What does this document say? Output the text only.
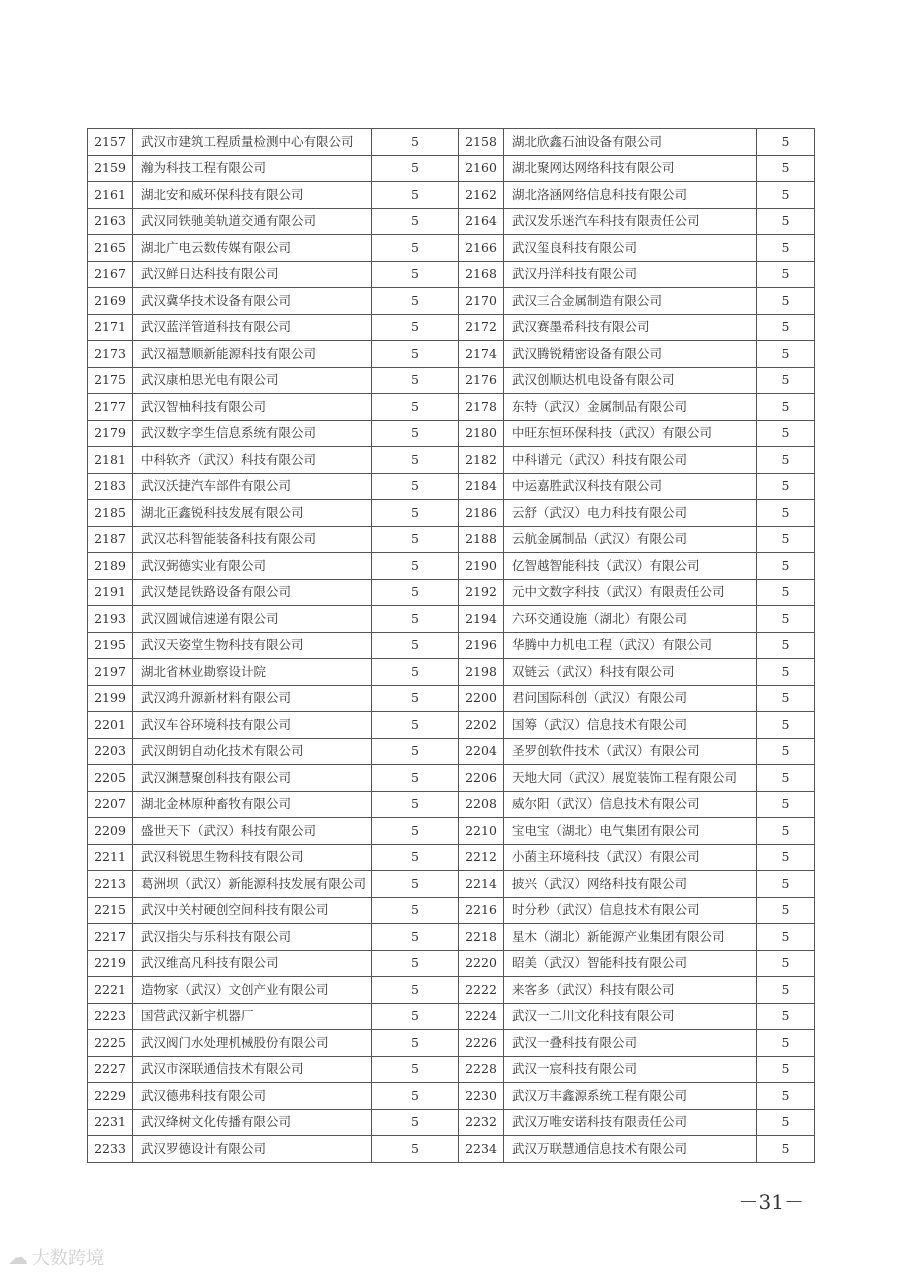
2157	武汉市建筑工程质量检测中心有限公司	5	2158	湖北欣鑫石油设备有限公司	5
2159	瀚为科技工程有限公司	5	2160	湖北聚网达网络科技有限公司	5
2161	湖北安和威环保科技有限公司	5	2162	湖北洛涵网络信息科技有限公司	5
2163	武汉同铁驰美轨道交通有限公司	5	2164	武汉发乐迷汽车科技有限责任公司	5
2165	湖北广电云数传媒有限公司	5	2166	武汉玺良科技有限公司	5
2167	武汉鲜日达科技有限公司	5	2168	武汉丹洋科技有限公司	5
2169	武汉冀华技术设备有限公司	5	2170	武汉三合金属制造有限公司	5
2171	武汉蓝洋管道科技有限公司	5	2172	武汉赛墨希科技有限公司	5
2173	武汉福慧顺新能源科技有限公司	5	2174	武汉腾锐精密设备有限公司	5
2175	武汉康柏思光电有限公司	5	2176	武汉创顺达机电设备有限公司	5
2177	武汉智柚科技有限公司	5	2178	东特（武汉）金属制品有限公司	5
2179	武汉数字孪生信息系统有限公司	5	2180	中旺东恒环保科技（武汉）有限公司	5
2181	中科软齐（武汉）科技有限公司	5	2182	中科谱元（武汉）科技有限公司	5
2183	武汉沃捷汽车部件有限公司	5	2184	中运嘉胜武汉科技有限公司	5
2185	湖北正鑫锐科技发展有限公司	5	2186	云舒（武汉）电力科技有限公司	5
2187	武汉芯科智能装备科技有限公司	5	2188	云航金属制品（武汉）有限公司	5
2189	武汉弼德实业有限公司	5	2190	亿智越智能科技（武汉）有限公司	5
2191	武汉楚昆铁路设备有限公司	5	2192	元中文数字科技（武汉）有限责任公司	5
2193	武汉圆诚信速递有限公司	5	2194	六环交通设施（湖北）有限公司	5
2195	武汉天姿堂生物科技有限公司	5	2196	华腾中力机电工程（武汉）有限公司	5
2197	湖北省林业勘察设计院	5	2198	双链云（武汉）科技有限公司	5
2199	武汉鸿升源新材料有限公司	5	2200	君问国际科创（武汉）有限公司	5
2201	武汉车谷环境科技有限公司	5	2202	国筹（武汉）信息技术有限公司	5
2203	武汉朗钥自动化技术有限公司	5	2204	圣罗创软件技术（武汉）有限公司	5
2205	武汉渊慧聚创科技有限公司	5	2206	天地大同（武汉）展览装饰工程有限公司	5
2207	湖北金林原种畜牧有限公司	5	2208	威尔阳（武汉）信息技术有限公司	5
2209	盛世天下（武汉）科技有限公司	5	2210	宝电宝（湖北）电气集团有限公司	5
2211	武汉科锐思生物科技有限公司	5	2212	小菌主环境科技（武汉）有限公司	5
2213	葛洲坝（武汉）新能源科技发展有限公司	5	2214	披兴（武汉）网络科技有限公司	5
2215	武汉中关村硬创空间科技有限公司	5	2216	时分秒（武汉）信息技术有限公司	5
2217	武汉指尖与乐科技有限公司	5	2218	星木（湖北）新能源产业集团有限公司	5
2219	武汉维高凡科技有限公司	5	2220	昭美（武汉）智能科技有限公司	5
2221	造物家（武汉）文创产业有限公司	5	2222	来客多（武汉）科技有限公司	5
2223	国营武汉新宇机器厂	5	2224	武汉一二川文化科技有限公司	5
2225	武汉阀门水处理机械股份有限公司	5	2226	武汉一叠科技有限公司	5
2227	武汉市深联通信技术有限公司	5	2228	武汉一宸科技有限公司	5
2229	武汉德弗科技有限公司	5	2230	武汉万丰鑫源系统工程有限公司	5
2231	武汉绛树文化传播有限公司	5	2232	武汉万唯安诺科技有限责任公司	5
2233	武汉罗德设计有限公司	5	2234	武汉万联慧通信息技术有限公司	5
－31－
☁ 大数跨境
